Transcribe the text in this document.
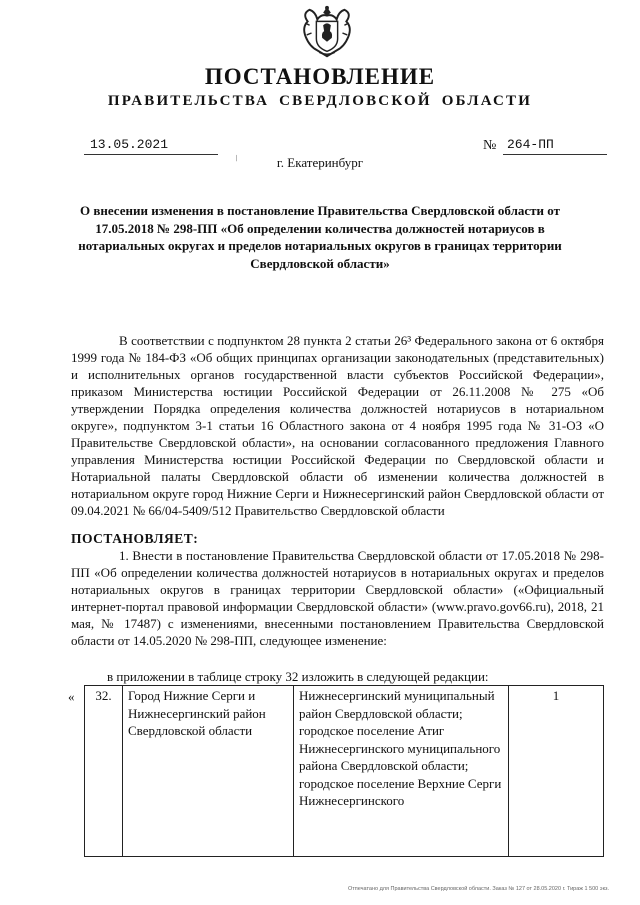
ПОСТАНОВЛЕНИЕ
ПРАВИТЕЛЬСТВА СВЕРДЛОВСКОЙ ОБЛАСТИ
13.05.2021	№ 264-ПП
/	г. Екатеринбург
О внесении изменения в постановление Правительства Свердловской области от 17.05.2018 № 298-ПП «Об определении количества должностей нотариусов в нотариальных округах и пределов нотариальных округов в границах территории Свердловской области»
В соответствии с подпунктом 28 пункта 2 статьи 26³ Федерального закона от 6 октября 1999 года № 184-ФЗ «Об общих принципах организации законодательных (представительных) и исполнительных органов государственной власти субъектов Российской Федерации», приказом Министерства юстиции Российской Федерации от 26.11.2008 № 275 «Об утверждении Порядка определения количества должностей нотариусов в нотариальном округе», подпунктом 3-1 статьи 16 Областного закона от 4 ноября 1995 года № 31-ОЗ «О Правительстве Свердловской области», на основании согласованного предложения Главного управления Министерства юстиции Российской Федерации по Свердловской области и Нотариальной палаты Свердловской области об изменении количества должностей в нотариальном округе город Нижние Серги и Нижнесергинский район Свердловской области от 09.04.2021 № 66/04-5409/512 Правительство Свердловской области
ПОСТАНОВЛЯЕТ:
1. Внести в постановление Правительства Свердловской области от 17.05.2018 № 298-ПП «Об определении количества должностей нотариусов в нотариальных округах и пределов нотариальных округов в границах территории Свердловской области» («Официальный интернет-портал правовой информации Свердловской области» (www.pravo.gov66.ru), 2018, 21 мая, № 17487) с изменениями, внесенными постановлением Правительства Свердловской области от 14.05.2020 № 298-ПП, следующее изменение:
в приложении в таблице строку 32 изложить в следующей редакции:
« 32.	Город Нижние Серги и Нижнесергинский район Свердловской области	Нижнесергинский муниципальный район Свердловской области; городское поселение Атиг Нижнесергинского муниципального района Свердловской области; городское поселение Верхние Серги Нижнесергинского	1
Отпечатано для Правительства Свердловской области. Заказ № 127 от 28.05.2020 г. Тираж 1 500 экз.
